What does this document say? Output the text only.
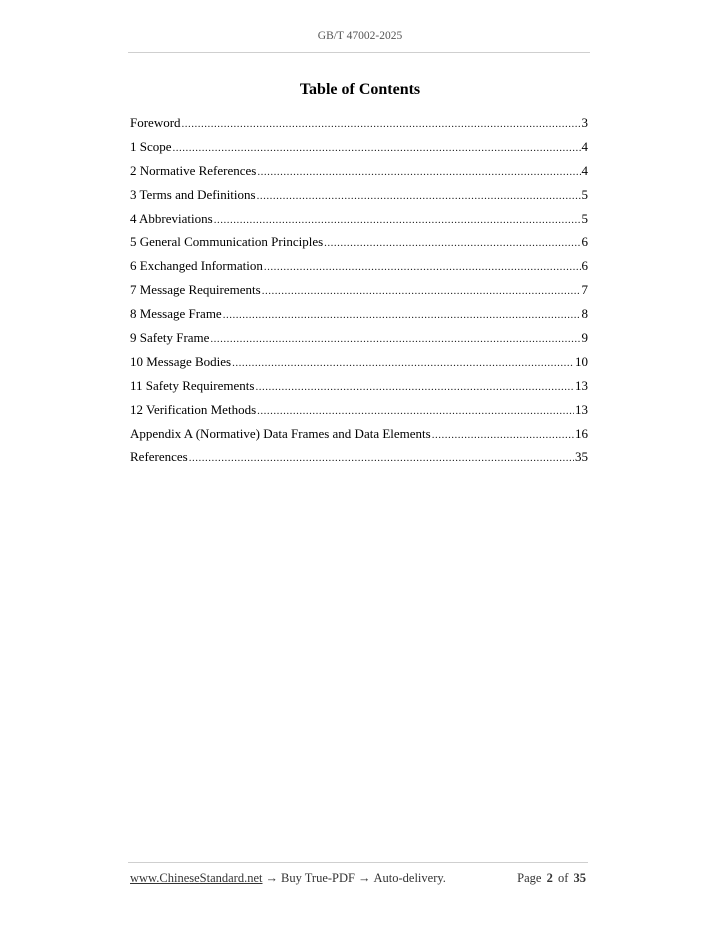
GB/T 47002-2025
Table of Contents
Foreword .....	3
1 Scope .....	4
2 Normative References .....	4
3 Terms and Definitions .....	5
4 Abbreviations .....	5
5 General Communication Principles .....	6
6 Exchanged Information .....	6
7 Message Requirements .....	7
8 Message Frame .....	8
9 Safety Frame .....	9
10 Message Bodies .....	10
11 Safety Requirements .....	13
12 Verification Methods .....	13
Appendix A (Normative) Data Frames and Data Elements .....	16
References .....	35
www.ChineseStandard.net → Buy True-PDF → Auto-delivery.	Page 2 of 35
